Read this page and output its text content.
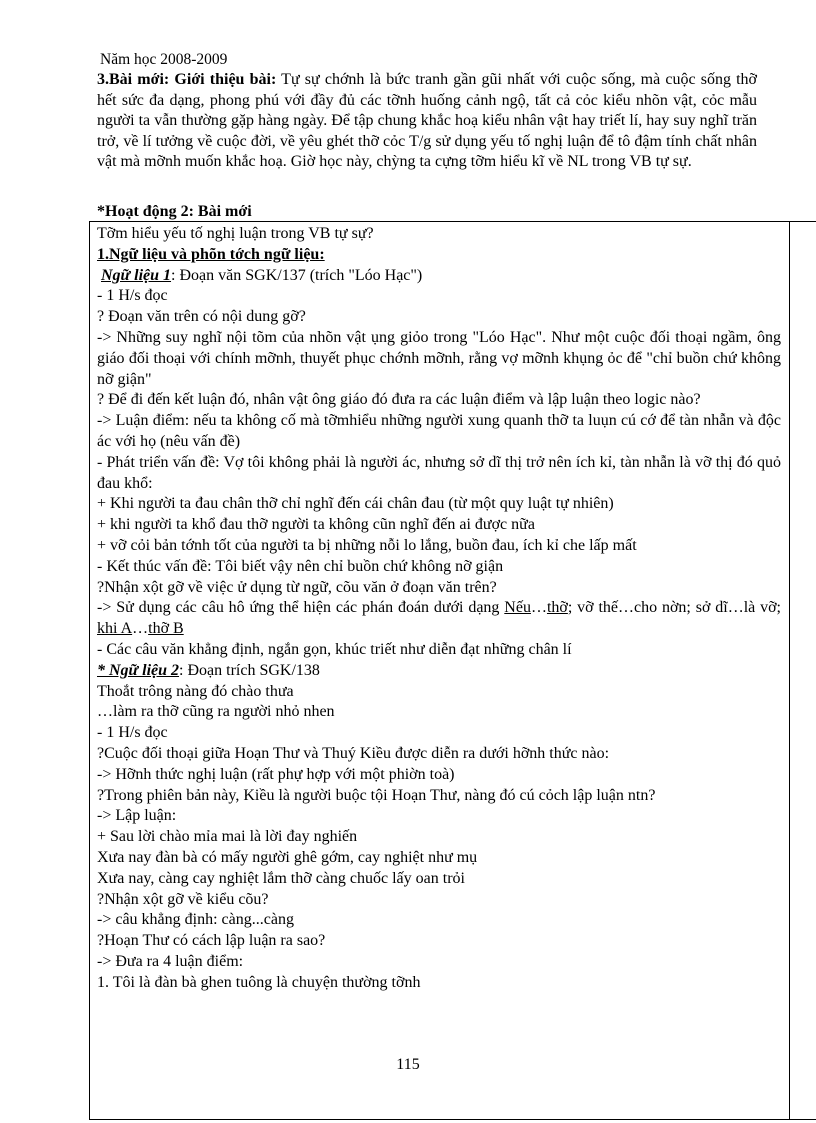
Năm học 2008-2009
3.Bài mới: Giới thiệu bài: Tự sự chớnh là bức tranh gần gũi nhất với cuộc sống, mà cuộc sống thỡ hết sức đa dạng, phong phú với đầy đủ các tỡnh huống cảnh ngộ, tất cả cỏc kiểu nhõn vật, cỏc mẫu người ta vẫn thường gặp hàng ngày. Để tập chung khắc hoạ kiểu nhân vật hay triết lí, hay suy nghĩ trăn trở, về lí tưởng về cuộc đời, về yêu ghét thỡ cỏc T/g sử dụng yếu tố nghị luận để tô đậm tính chất nhân vật mà mỡnh muốn khắc hoạ. Giờ học này, chỳng ta cựng tỡm hiểu kĩ về NL trong VB tự sự.
*Hoạt động 2: Bài mới

Tỡm hiểu yếu tố nghị luận trong VB tự sự?

1.Ngữ liệu và phõn tớch ngữ liệu:

Ngữ liệu 1: Đoạn văn SGK/137 (trích "Lóo Hạc")

- 1 H/s đọc

? Đoạn văn trên có nội dung gỡ?

-> Những suy nghĩ nội tõm của nhõn vật ụng giỏo trong "Lóo Hạc". Như một cuộc đối thoại ngầm, ông giáo đối thoại với chính mỡnh, thuyết phục chớnh mỡnh, rằng vợ mỡnh khụng ỏc để "chỉ buồn chứ không nỡ giận"

? Để đi đến kết luận đó, nhân vật ông giáo đó đưa ra các luận điểm và lập luận theo logic nào?

-> Luận điểm: nếu ta không cố mà tỡmhiểu những người xung quanh thỡ ta luụn cú cớ để tàn nhẫn và độc ác với họ (nêu vấn đề)

- Phát triển vấn đề: Vợ tôi không phải là người ác, nhưng sở dĩ thị trở nên ích kỉ, tàn nhẫn là vỡ thị đó quỏ đau khổ:

+ Khi người ta đau chân thỡ chỉ nghĩ đến cái chân đau (từ một quy luật tự nhiên)

+ khi người ta khổ đau thỡ người ta không cũn nghĩ đến ai được nữa

+ vỡ cỏi bản tớnh tốt của người ta bị những nỗi lo lắng, buồn đau, ích kỉ che lấp mất

- Kết thúc vấn đề: Tôi biết vậy nên chỉ buồn chứ không nỡ giận

?Nhận xột gỡ về việc ử dụng từ ngữ, cõu văn ở đoạn văn trên?

-> Sử dụng các câu hô ứng thể hiện các phán đoán dưới dạng Nếu…thỡ; vỡ thế…cho nờn; sở dĩ…là vỡ; khi A…thỡ B

- Các câu văn khẳng định, ngắn gọn, khúc triết như diễn đạt những chân lí

* Ngữ liệu 2: Đoạn trích SGK/138

Thoắt trông nàng đó chào thưa

…làm ra thỡ cũng ra người nhỏ nhen

- 1 H/s đọc

?Cuộc đối thoại giữa Hoạn Thư và Thuý Kiều được diễn ra dưới hỡnh thức nào:

-> Hỡnh thức nghị luận (rất phự hợp với một phiờn toà)

?Trong phiên bản này, Kiều là người buộc tội Hoạn Thư, nàng đó cú cỏch lập luận ntn?

-> Lập luận:

+ Sau lời chào mỉa mai là lời đay nghiến

Xưa nay đàn bà có mấy người ghê gớm, cay nghiệt như mụ

Xưa nay, càng cay nghiệt lắm thỡ càng chuốc lấy oan trỏi

?Nhận xột gỡ về kiểu cõu?

-> câu khẳng định: càng...càng

?Hoạn Thư có cách lập luận ra sao?

-> Đưa ra 4 luận điểm:

1. Tôi là đàn bà ghen tuông là chuyện thường tỡnh

115
